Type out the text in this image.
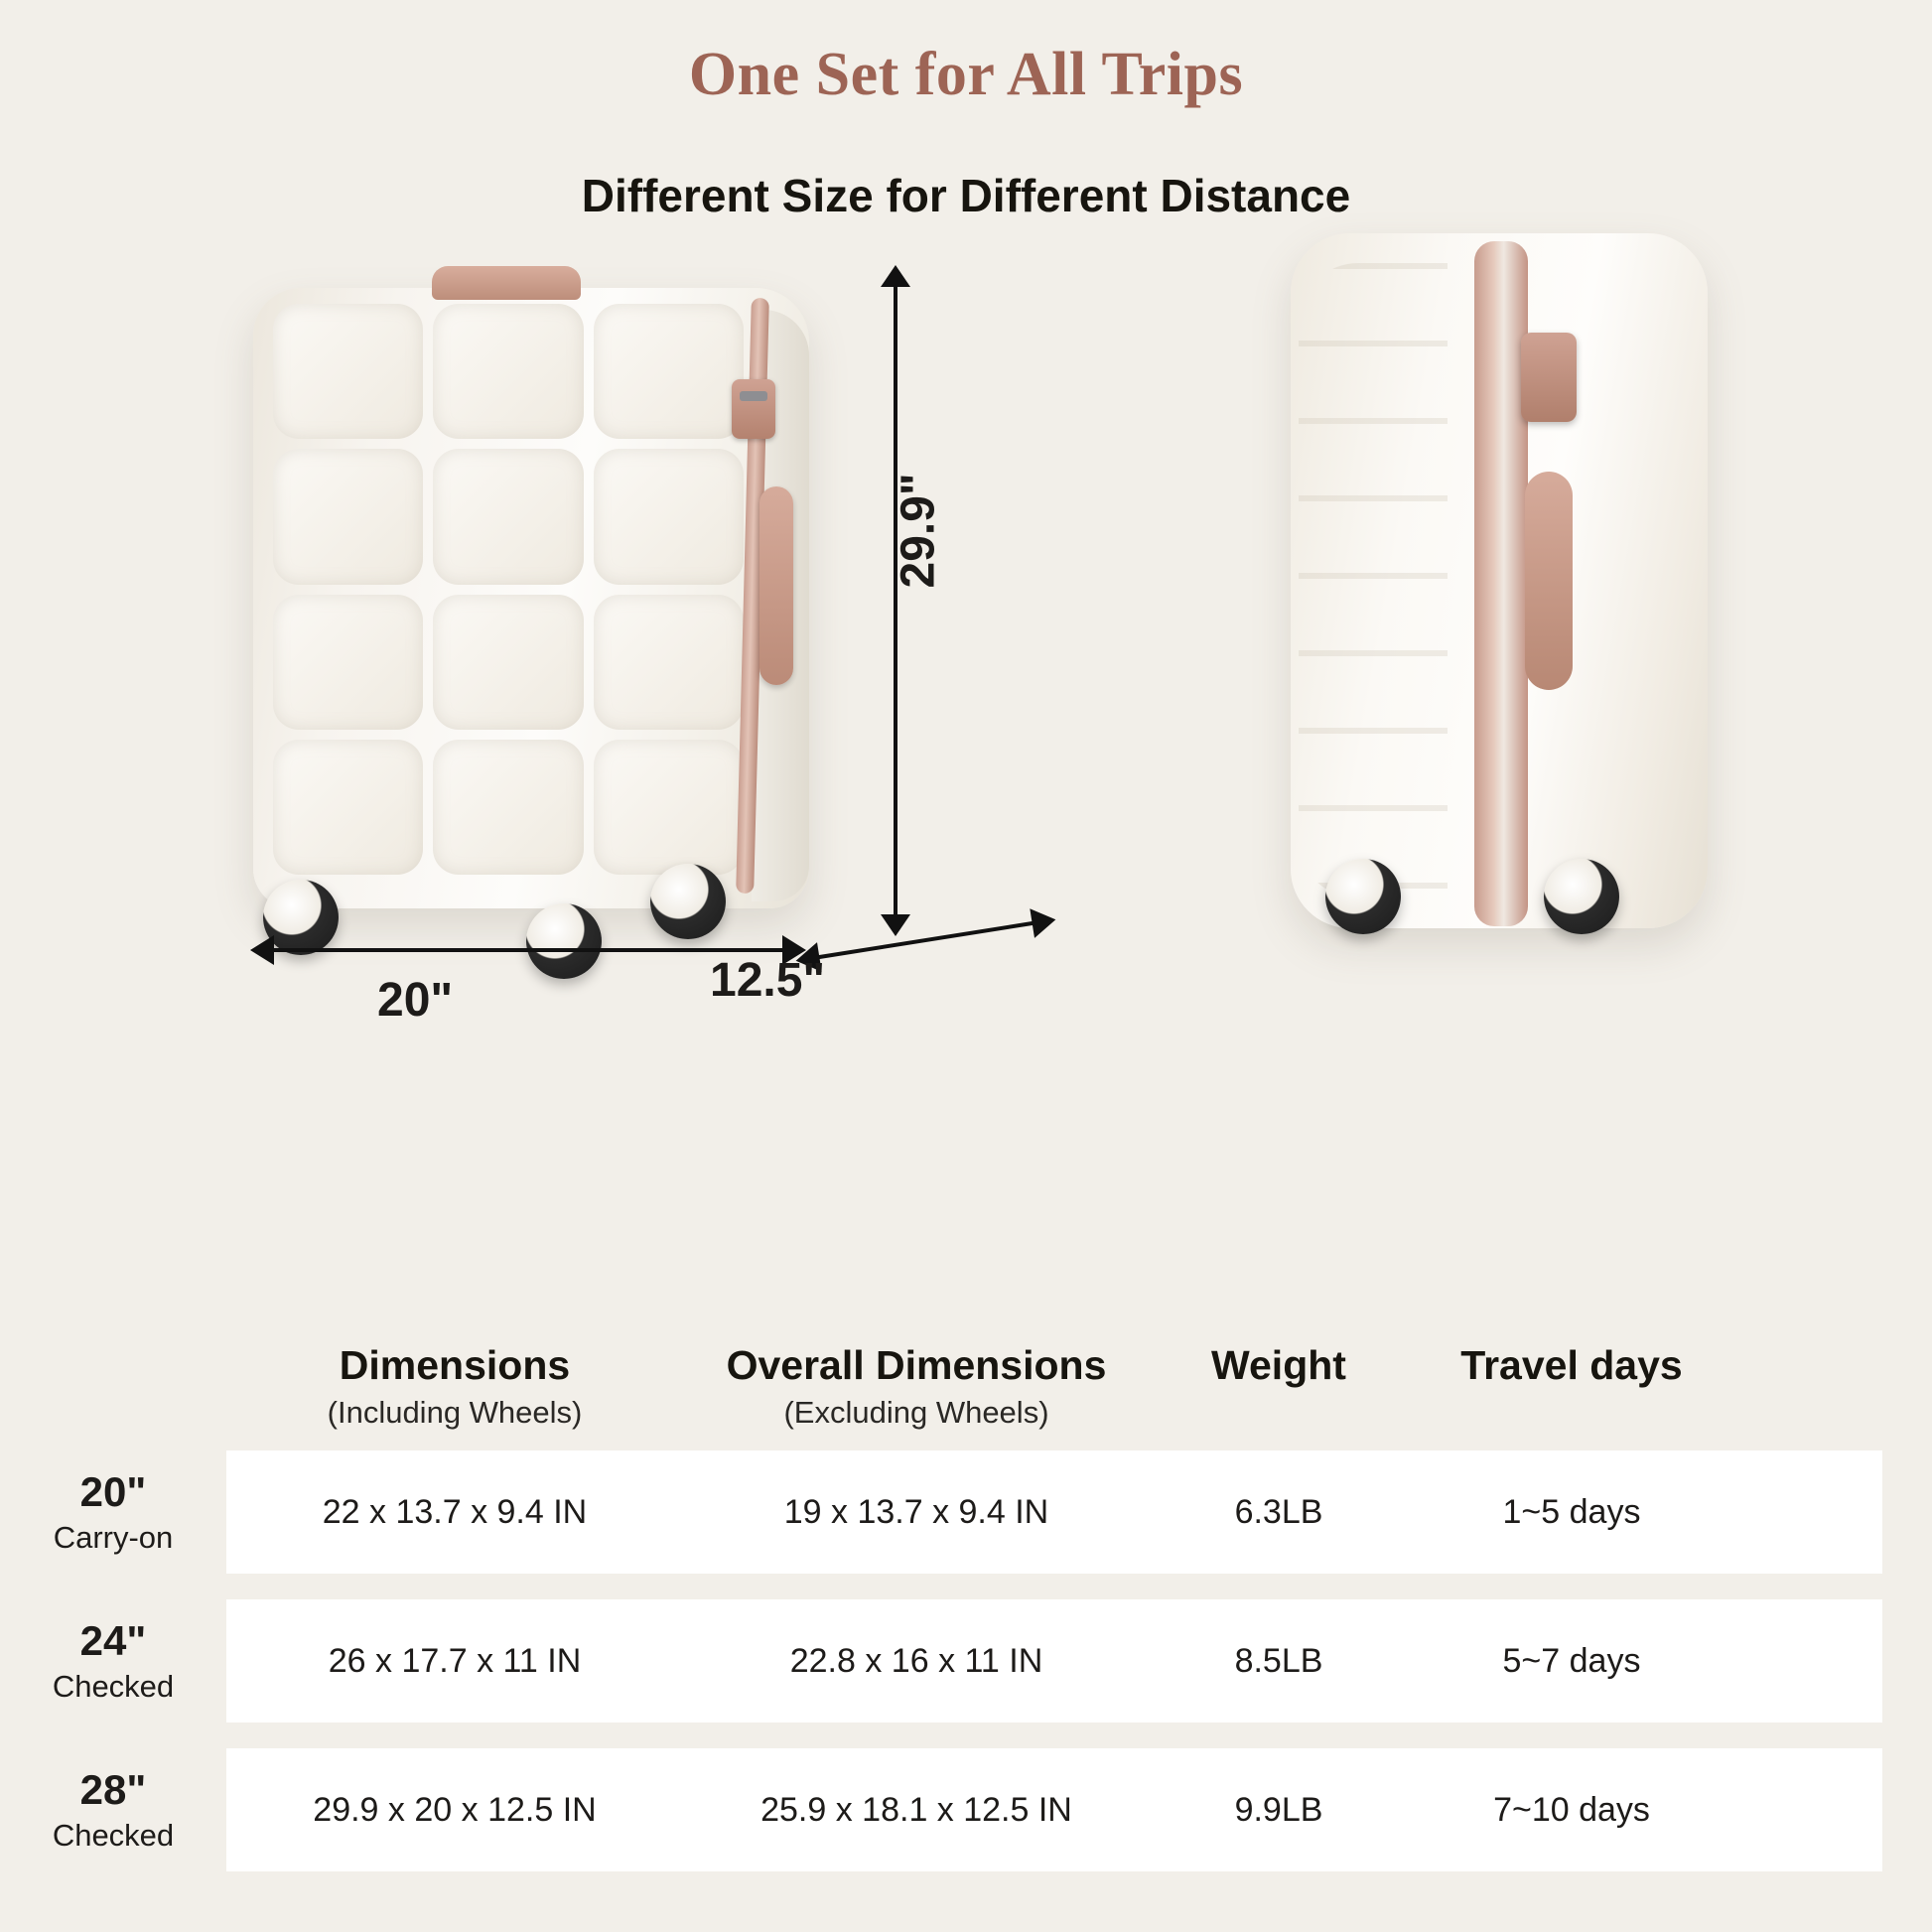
One Set for All Trips
Different Size for Different Distance
29.9"
20"	12.5"
Dimensions
(Including Wheels)
Overall Dimensions
(Excluding Wheels)
Weight	Travel days
20"
Carry-on
22 x 13.7 x 9.4 IN	19 x 13.7 x 9.4 IN	6.3LB	1~5 days
24"
Checked
26 x 17.7 x 11 IN	22.8 x 16 x 11 IN	8.5LB	5~7 days
28"
Checked
29.9 x 20 x 12.5 IN	25.9 x 18.1 x 12.5 IN	9.9LB	7~10 days
